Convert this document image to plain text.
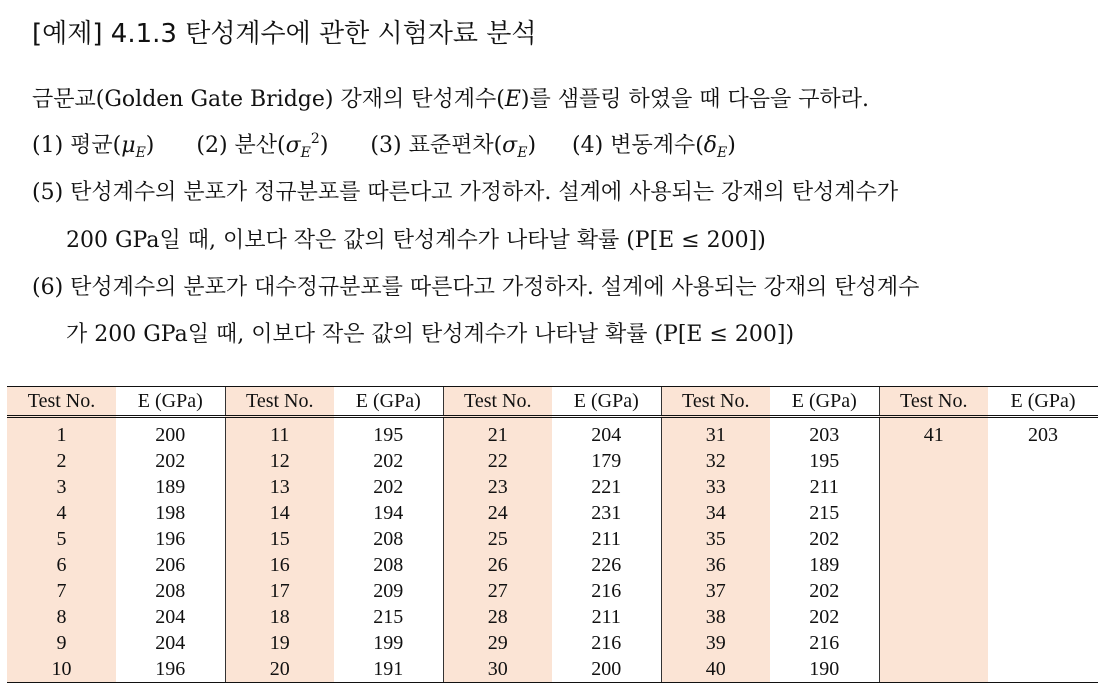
[예제] 4.1.3 탄성계수에 관한 시험자료 분석
금문교(Golden Gate Bridge) 강재의 탄성계수(E)를 샘플링 하였을 때 다음을 구하라.
(1) 평균$(\mu_E)$ (2) 분산$(\sigma_E^2)$ (3) 표준편차$(\sigma_E)$ (4) 변동계수$(\delta_E)$
(5) 탄성계수의 분포가 정규분포를 따른다고 가정하자. 설계에 사용되는 강재의 탄성계수가
200 GPa일 때, 이보다 작은 값의 탄성계수가 나타날 확률 (P[E ≤ 200])
(6) 탄성계수의 분포가 대수정규분포를 따른다고 가정하자. 설계에 사용되는 강재의 탄성계수
가 200 GPa일 때, 이보다 작은 값의 탄성계수가 나타날 확률 (P[E ≤ 200])
Test No.	E (GPa)	Test No.	E (GPa)	Test No.	E (GPa)	Test No.	E (GPa)	Test No.	E (GPa)
1	200	11	195	21	204	31	203	41	203
2	202	12	202	22	179	32	195		
3	189	13	202	23	221	33	211		
4	198	14	194	24	231	34	215		
5	196	15	208	25	211	35	202		
6	206	16	208	26	226	36	189		
7	208	17	209	27	216	37	202		
8	204	18	215	28	211	38	202		
9	204	19	199	29	216	39	216		
10	196	20	191	30	200	40	190		
